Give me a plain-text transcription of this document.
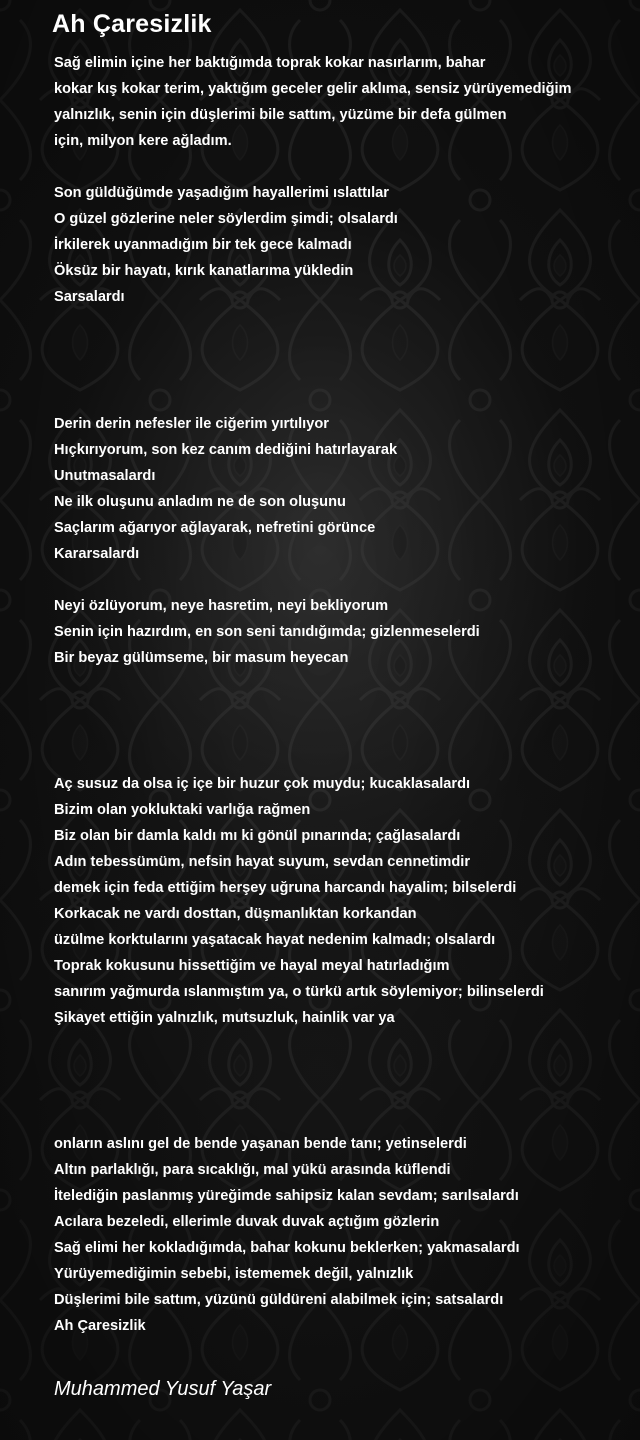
Ah Çaresizlik
Sağ elimin içine her baktığımda toprak kokar nasırlarım, bahar
kokar kış kokar terim, yaktığım geceler gelir aklıma, sensiz yürüyemediğim
yalnızlık, senin için düşlerimi bile sattım, yüzüme bir defa gülmen
için, milyon kere ağladım.
Son güldüğümde yaşadığım hayallerimi ıslattılar
O güzel gözlerine neler söylerdim şimdi; olsalardı
İrkilerek uyanmadığım bir tek gece kalmadı
Öksüz bir hayatı, kırık kanatlarıma yükledin
Sarsalardı
Derin derin nefesler ile ciğerim yırtılıyor
Hıçkırıyorum, son kez canım dediğini hatırlayarak
Unutmasalardı
Ne ilk oluşunu anladım ne de son oluşunu
Saçlarım ağarıyor ağlayarak, nefretini görünce
Kararsalardı
Neyi özlüyorum, neye hasretim, neyi bekliyorum
Senin için hazırdım, en son seni tanıdığımda; gizlenmeselerdi
Bir beyaz gülümseme, bir masum heyecan
Aç susuz da olsa iç içe bir huzur çok muydu; kucaklasalardı
Bizim olan yokluktaki varlığa rağmen
Biz olan bir damla kaldı mı ki gönül pınarında; çağlasalardı
Adın tebessümüm, nefsin hayat suyum, sevdan cennetimdir
demek için feda ettiğim herşey uğruna harcandı hayalim; bilselerdi
Korkacak ne vardı dosttan, düşmanlıktan korkandan
üzülme korktularını yaşatacak hayat nedenim kalmadı; olsalardı
Toprak kokusunu hissettiğim ve hayal meyal hatırladığım
sanırım yağmurda ıslanmıştım ya, o türkü artık söylemiyor; bilinselerdi
Şikayet ettiğin yalnızlık, mutsuzluk, hainlik var ya
onların aslını gel de bende yaşanan bende tanı; yetinselerdi
Altın parlaklığı, para sıcaklığı, mal yükü arasında küflendi
İtelediğin paslanmış yüreğimde sahipsiz kalan sevdam; sarılsalardı
Acılara bezeledi, ellerimle duvak duvak açtığım gözlerin
Sağ elimi her kokladığımda, bahar kokunu beklerken; yakmasalardı
Yürüyemediğimin sebebi, istememek değil, yalnızlık
Düşlerimi bile sattım, yüzünü güldüreni alabilmek için; satsalardı
Ah Çaresizlik
Muhammed Yusuf Yaşar
